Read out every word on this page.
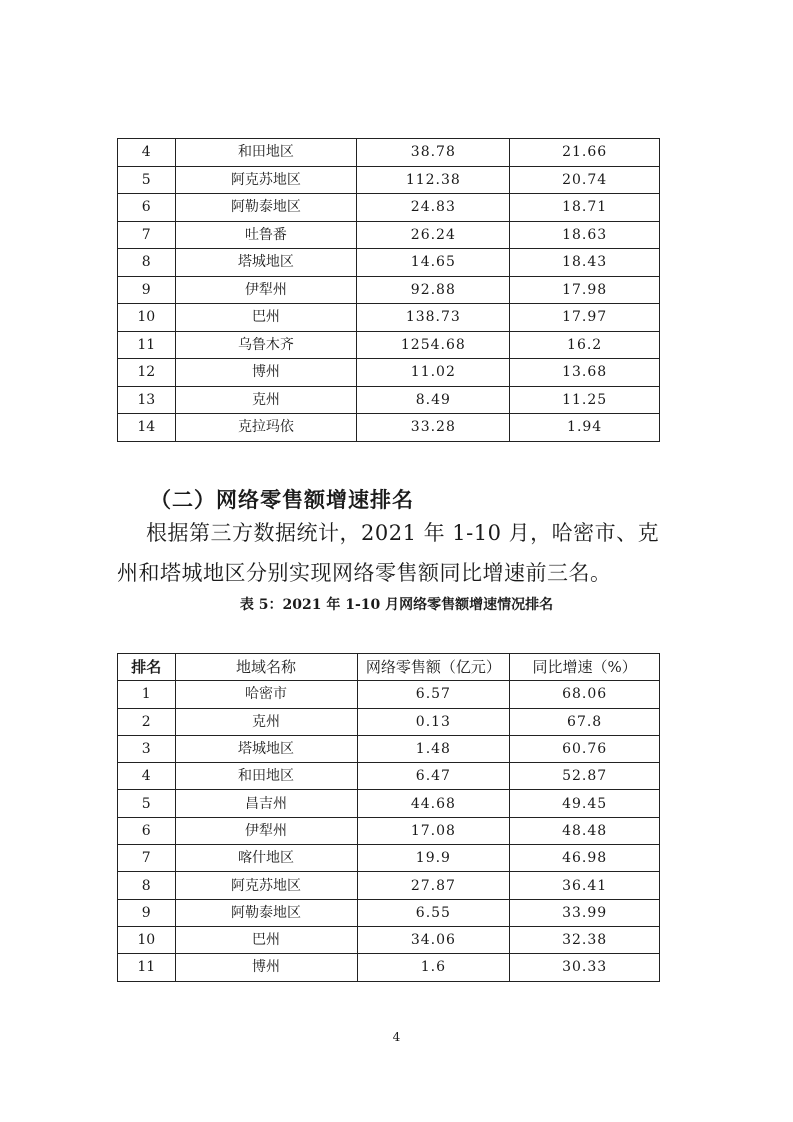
4	和田地区	38.78	21.66
5	阿克苏地区	112.38	20.74
6	阿勒泰地区	24.83	18.71
7	吐鲁番	26.24	18.63
8	塔城地区	14.65	18.43
9	伊犁州	92.88	17.98
10	巴州	138.73	17.97
11	乌鲁木齐	1254.68	16.2
12	博州	11.02	13.68
13	克州	8.49	11.25
14	克拉玛依	33.28	1.94
（二）网络零售额增速排名

根据第三方数据统计，2021 年 1-10 月，哈密市、克州和塔城地区分别实现网络零售额同比增速前三名。

表 5：2021 年 1-10 月网络零售额增速情况排名

排名	地域名称	网络零售额（亿元）	同比增速（%）
1	哈密市	6.57	68.06
2	克州	0.13	67.8
3	塔城地区	1.48	60.76
4	和田地区	6.47	52.87
5	昌吉州	44.68	49.45
6	伊犁州	17.08	48.48
7	喀什地区	19.9	46.98
8	阿克苏地区	27.87	36.41
9	阿勒泰地区	6.55	33.99
10	巴州	34.06	32.38
11	博州	1.6	30.33

4
